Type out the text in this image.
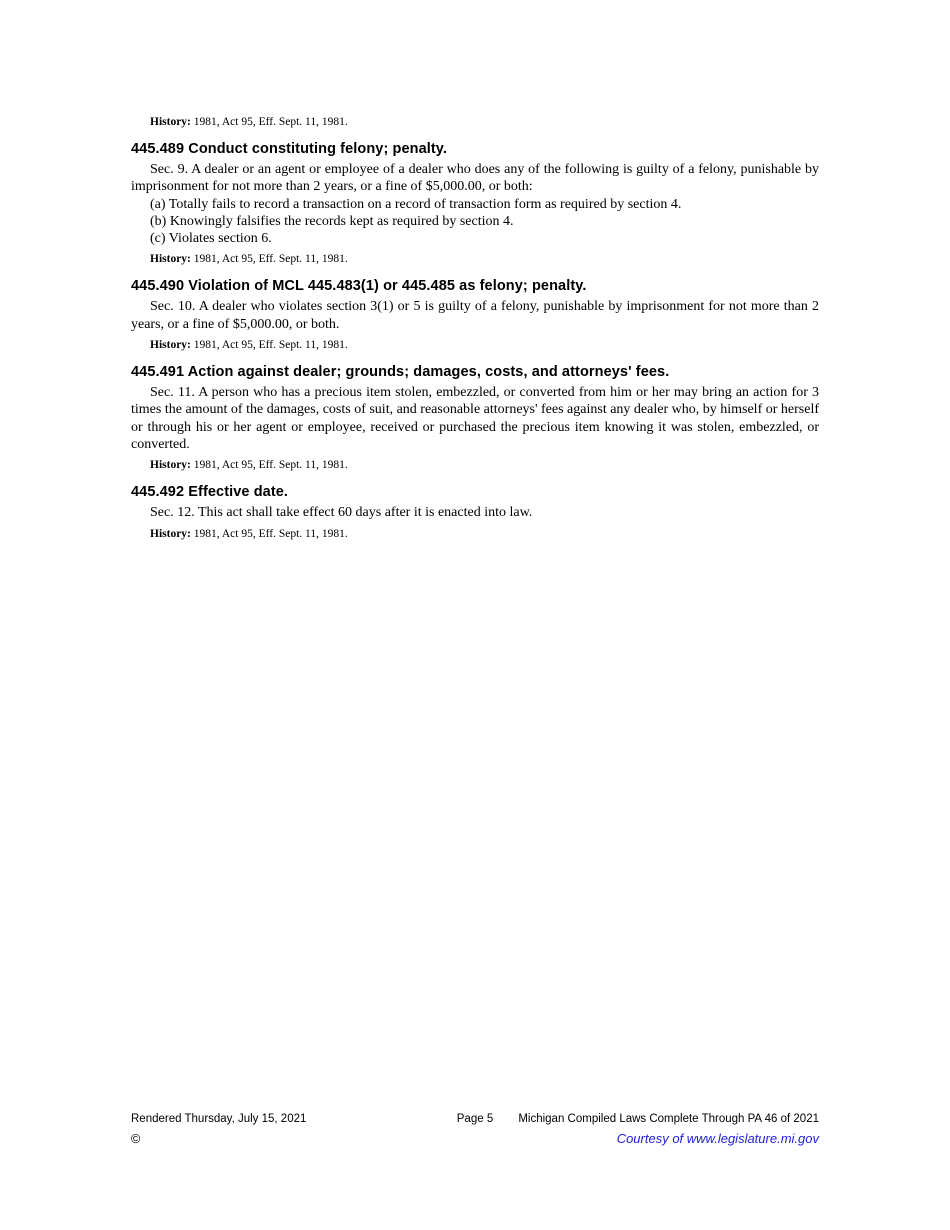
History: 1981, Act 95, Eff. Sept. 11, 1981.

445.489 Conduct constituting felony; penalty.

Sec. 9. A dealer or an agent or employee of a dealer who does any of the following is guilty of a felony, punishable by imprisonment for not more than 2 years, or a fine of $5,000.00, or both:

(a) Totally fails to record a transaction on a record of transaction form as required by section 4.

(b) Knowingly falsifies the records kept as required by section 4.

(c) Violates section 6.

History: 1981, Act 95, Eff. Sept. 11, 1981.

445.490 Violation of MCL 445.483(1) or 445.485 as felony; penalty.

Sec. 10. A dealer who violates section 3(1) or 5 is guilty of a felony, punishable by imprisonment for not more than 2 years, or a fine of $5,000.00, or both.

History: 1981, Act 95, Eff. Sept. 11, 1981.

445.491 Action against dealer; grounds; damages, costs, and attorneys' fees.

Sec. 11. A person who has a precious item stolen, embezzled, or converted from him or her may bring an action for 3 times the amount of the damages, costs of suit, and reasonable attorneys' fees against any dealer who, by himself or herself or through his or her agent or employee, received or purchased the precious item knowing it was stolen, embezzled, or converted.

History: 1981, Act 95, Eff. Sept. 11, 1981.

445.492 Effective date.

Sec. 12. This act shall take effect 60 days after it is enacted into law.

History: 1981, Act 95, Eff. Sept. 11, 1981.

Rendered Thursday, July 15, 2021	Page 5	Michigan Compiled Laws Complete Through PA 46 of 2021
©	Courtesy of www.legislature.mi.gov
